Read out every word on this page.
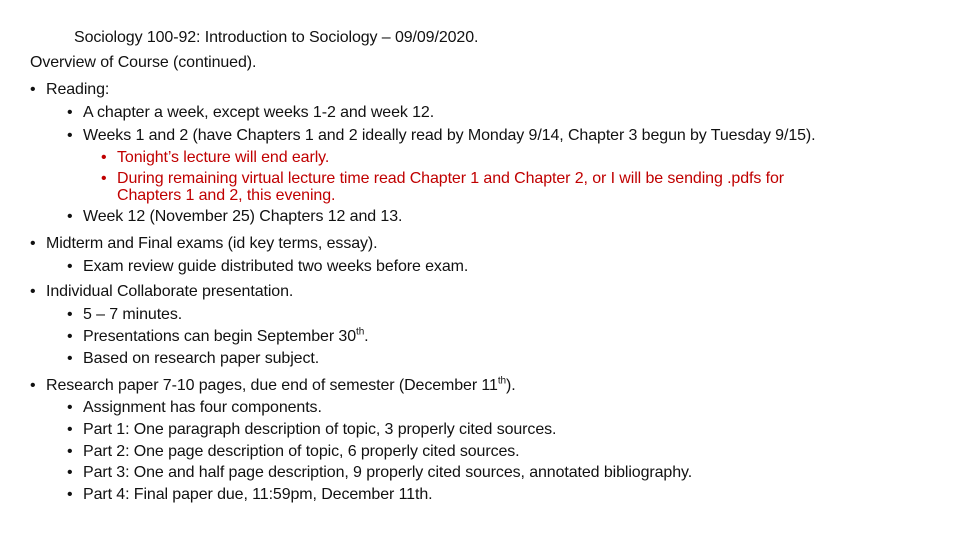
Sociology 100-92: Introduction to Sociology – 09/09/2020.
Overview of Course (continued).
• Reading:
• A chapter a week, except weeks 1-2 and week 12.
• Weeks 1 and 2 (have Chapters 1 and 2 ideally read by Monday 9/14, Chapter 3 begun by Tuesday 9/15).
• Tonight’s lecture will end early.
• During remaining virtual lecture time read Chapter 1 and Chapter 2, or I will be sending .pdfs for
Chapters 1 and 2, this evening.
• Week 12 (November 25) Chapters 12 and 13.
• Midterm and Final exams (id key terms, essay).
• Exam review guide distributed two weeks before exam.
• Individual Collaborate presentation.
• 5 – 7 minutes.
• Presentations can begin September 30th.
• Based on research paper subject.
• Research paper 7-10 pages, due end of semester (December 11th).
• Assignment has four components.
• Part 1: One paragraph description of topic, 3 properly cited sources.
• Part 2: One page description of topic, 6 properly cited sources.
• Part 3: One and half page description, 9 properly cited sources, annotated bibliography.
• Part 4: Final paper due, 11:59pm, December 11th.
